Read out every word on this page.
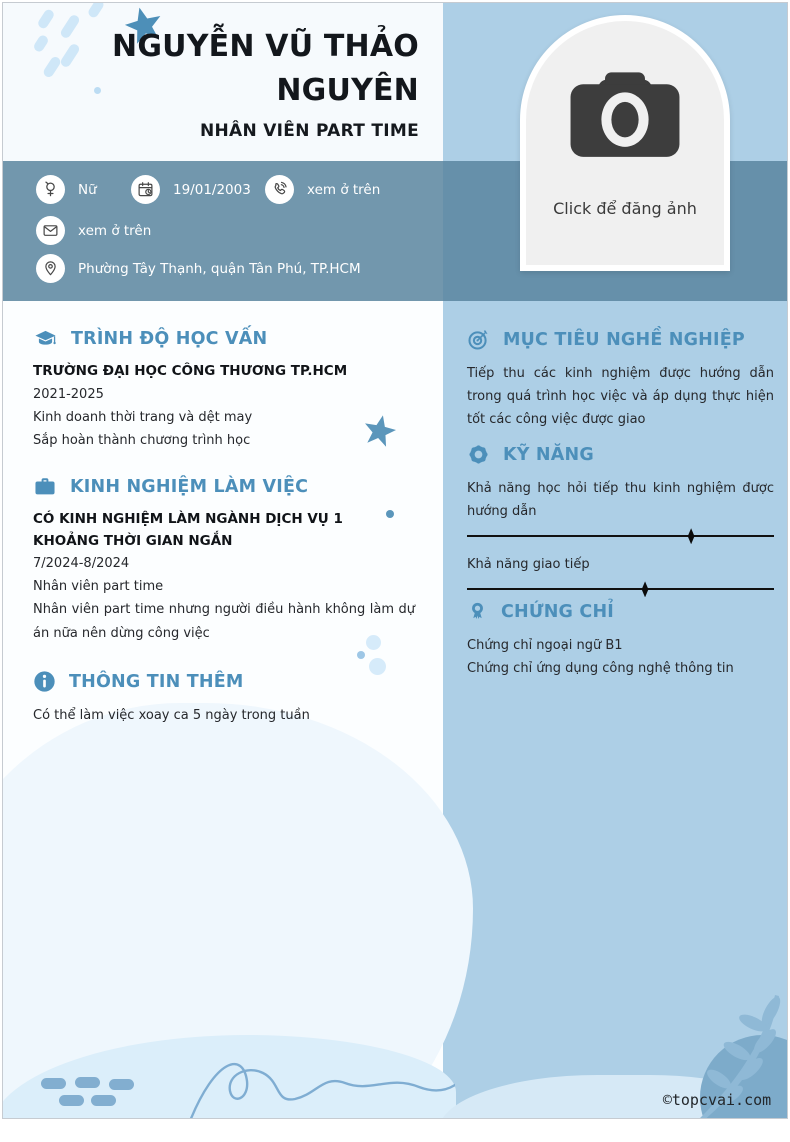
NGUYỄN VŨ THẢO
NGUYÊN
NHÂN VIÊN PART TIME
Click để đăng ảnh
Nữ	19/01/2003	xem ở trên
xem ở trên
Phường Tây Thạnh, quận Tân Phú, TP.HCM
TRÌNH ĐỘ HỌC VẤN
TRƯỜNG ĐẠI HỌC CÔNG THƯƠNG TP.HCM
2021-2025
Kinh doanh thời trang và dệt may
Sắp hoàn thành chương trình học
KINH NGHIỆM LÀM VIỆC
CÓ KINH NGHIỆM LÀM NGÀNH DỊCH VỤ 1 KHOẢNG THỜI GIAN NGẮN
7/2024-8/2024
Nhân viên part time
Nhân viên part time nhưng người điều hành không làm dự án nữa nên dừng công việc
THÔNG TIN THÊM
Có thể làm việc xoay ca 5 ngày trong tuần
MỤC TIÊU NGHỀ NGHIỆP
Tiếp thu các kinh nghiệm được hướng dẫn trong quá trình học việc và áp dụng thực hiện tốt các công việc được giao
KỸ NĂNG
Khả năng học hỏi tiếp thu kinh nghiệm được hướng dẫn
Khả năng giao tiếp
CHỨNG CHỈ
Chứng chỉ ngoại ngữ B1
Chứng chỉ ứng dụng công nghệ thông tin
©topcvai.com
